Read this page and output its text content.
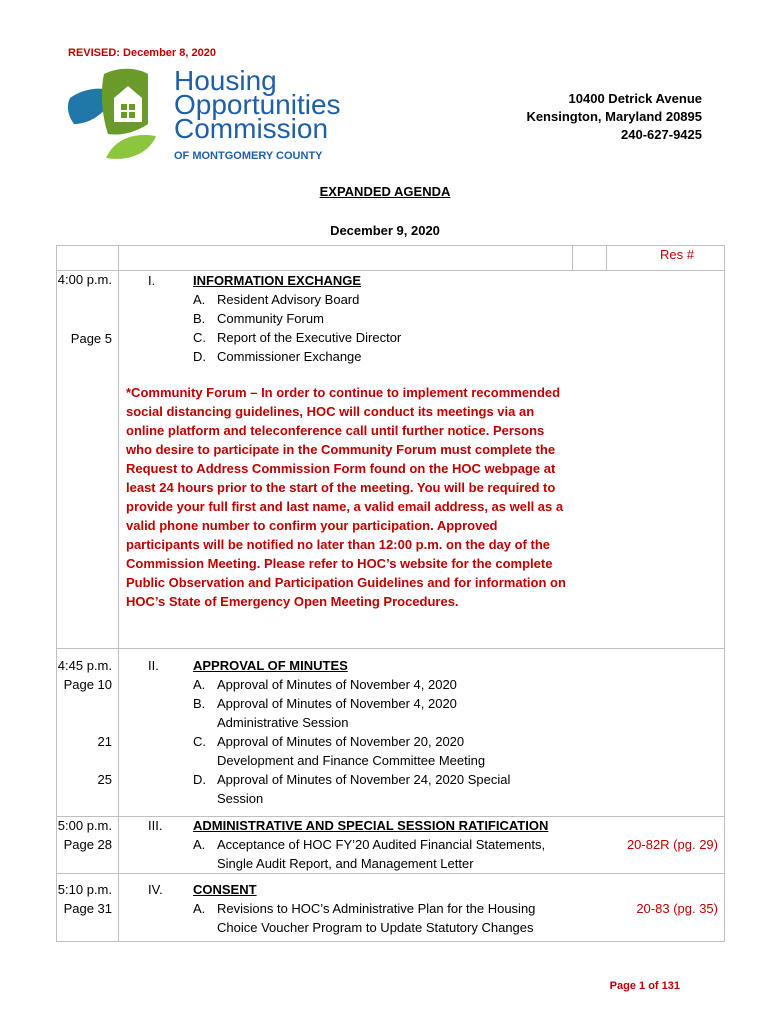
REVISED: December 8, 2020
Housing
Opportunities
Commission
OF MONTGOMERY COUNTY
10400 Detrick Avenue
Kensington, Maryland 20895
240-627-9425
EXPANDED AGENDA
December 9, 2020
Res #
4:00 p.m.
Page 5
I.	INFORMATION EXCHANGE
A. Resident Advisory Board
B. Community Forum
C. Report of the Executive Director
D. Commissioner Exchange
*Community Forum – In order to continue to implement recommended social distancing guidelines, HOC will conduct its meetings via an online platform and teleconference call until further notice. Persons who desire to participate in the Community Forum must complete the Request to Address Commission Form found on the HOC webpage at least 24 hours prior to the start of the meeting. You will be required to provide your full first and last name, a valid email address, as well as a valid phone number to confirm your participation. Approved participants will be notified no later than 12:00 p.m. on the day of the Commission Meeting. Please refer to HOC’s website for the complete Public Observation and Participation Guidelines and for information on HOC’s State of Emergency Open Meeting Procedures.
4:45 p.m.
Page 10
21
25
II.	APPROVAL OF MINUTES
A. Approval of Minutes of November 4, 2020
B. Approval of Minutes of November 4, 2020
Administrative Session
C. Approval of Minutes of November 20, 2020
Development and Finance Committee Meeting
D. Approval of Minutes of November 24, 2020 Special
Session
5:00 p.m.
Page 28
III. ADMINISTRATIVE AND SPECIAL SESSION RATIFICATION
A. Acceptance of HOC FY’20 Audited Financial Statements,
Single Audit Report, and Management Letter
20-82R (pg. 29)
5:10 p.m.
Page 31
IV. CONSENT
A. Revisions to HOC’s Administrative Plan for the Housing
Choice Voucher Program to Update Statutory Changes
20-83 (pg. 35)
Page 1 of 131
